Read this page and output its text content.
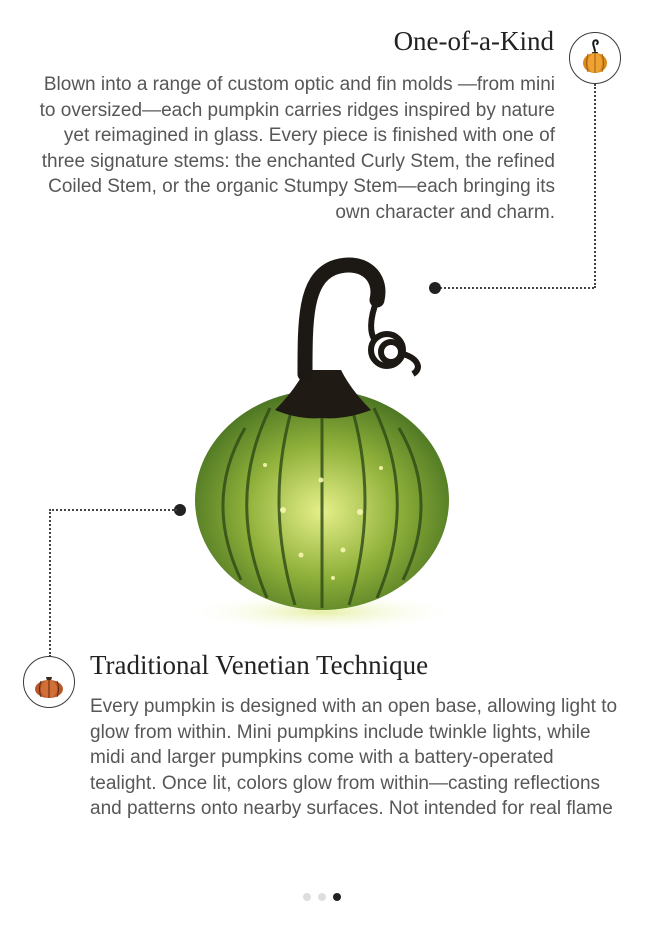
One-of-a-Kind

Blown into a range of custom optic and fin molds —from mini to oversized—each pumpkin carries ridges inspired by nature yet reimagined in glass. Every piece is finished with one of three signature stems: the enchanted Curly Stem, the refined Coiled Stem, or the organic Stumpy Stem—each bringing its own character and charm.

Traditional Venetian Technique

Every pumpkin is designed with an open base, allowing light to glow from within. Mini pumpkins include twinkle lights, while midi and larger pumpkins come with a battery-operated tealight. Once lit, colors glow from within—casting reflections and patterns onto nearby surfaces. Not intended for real flame
